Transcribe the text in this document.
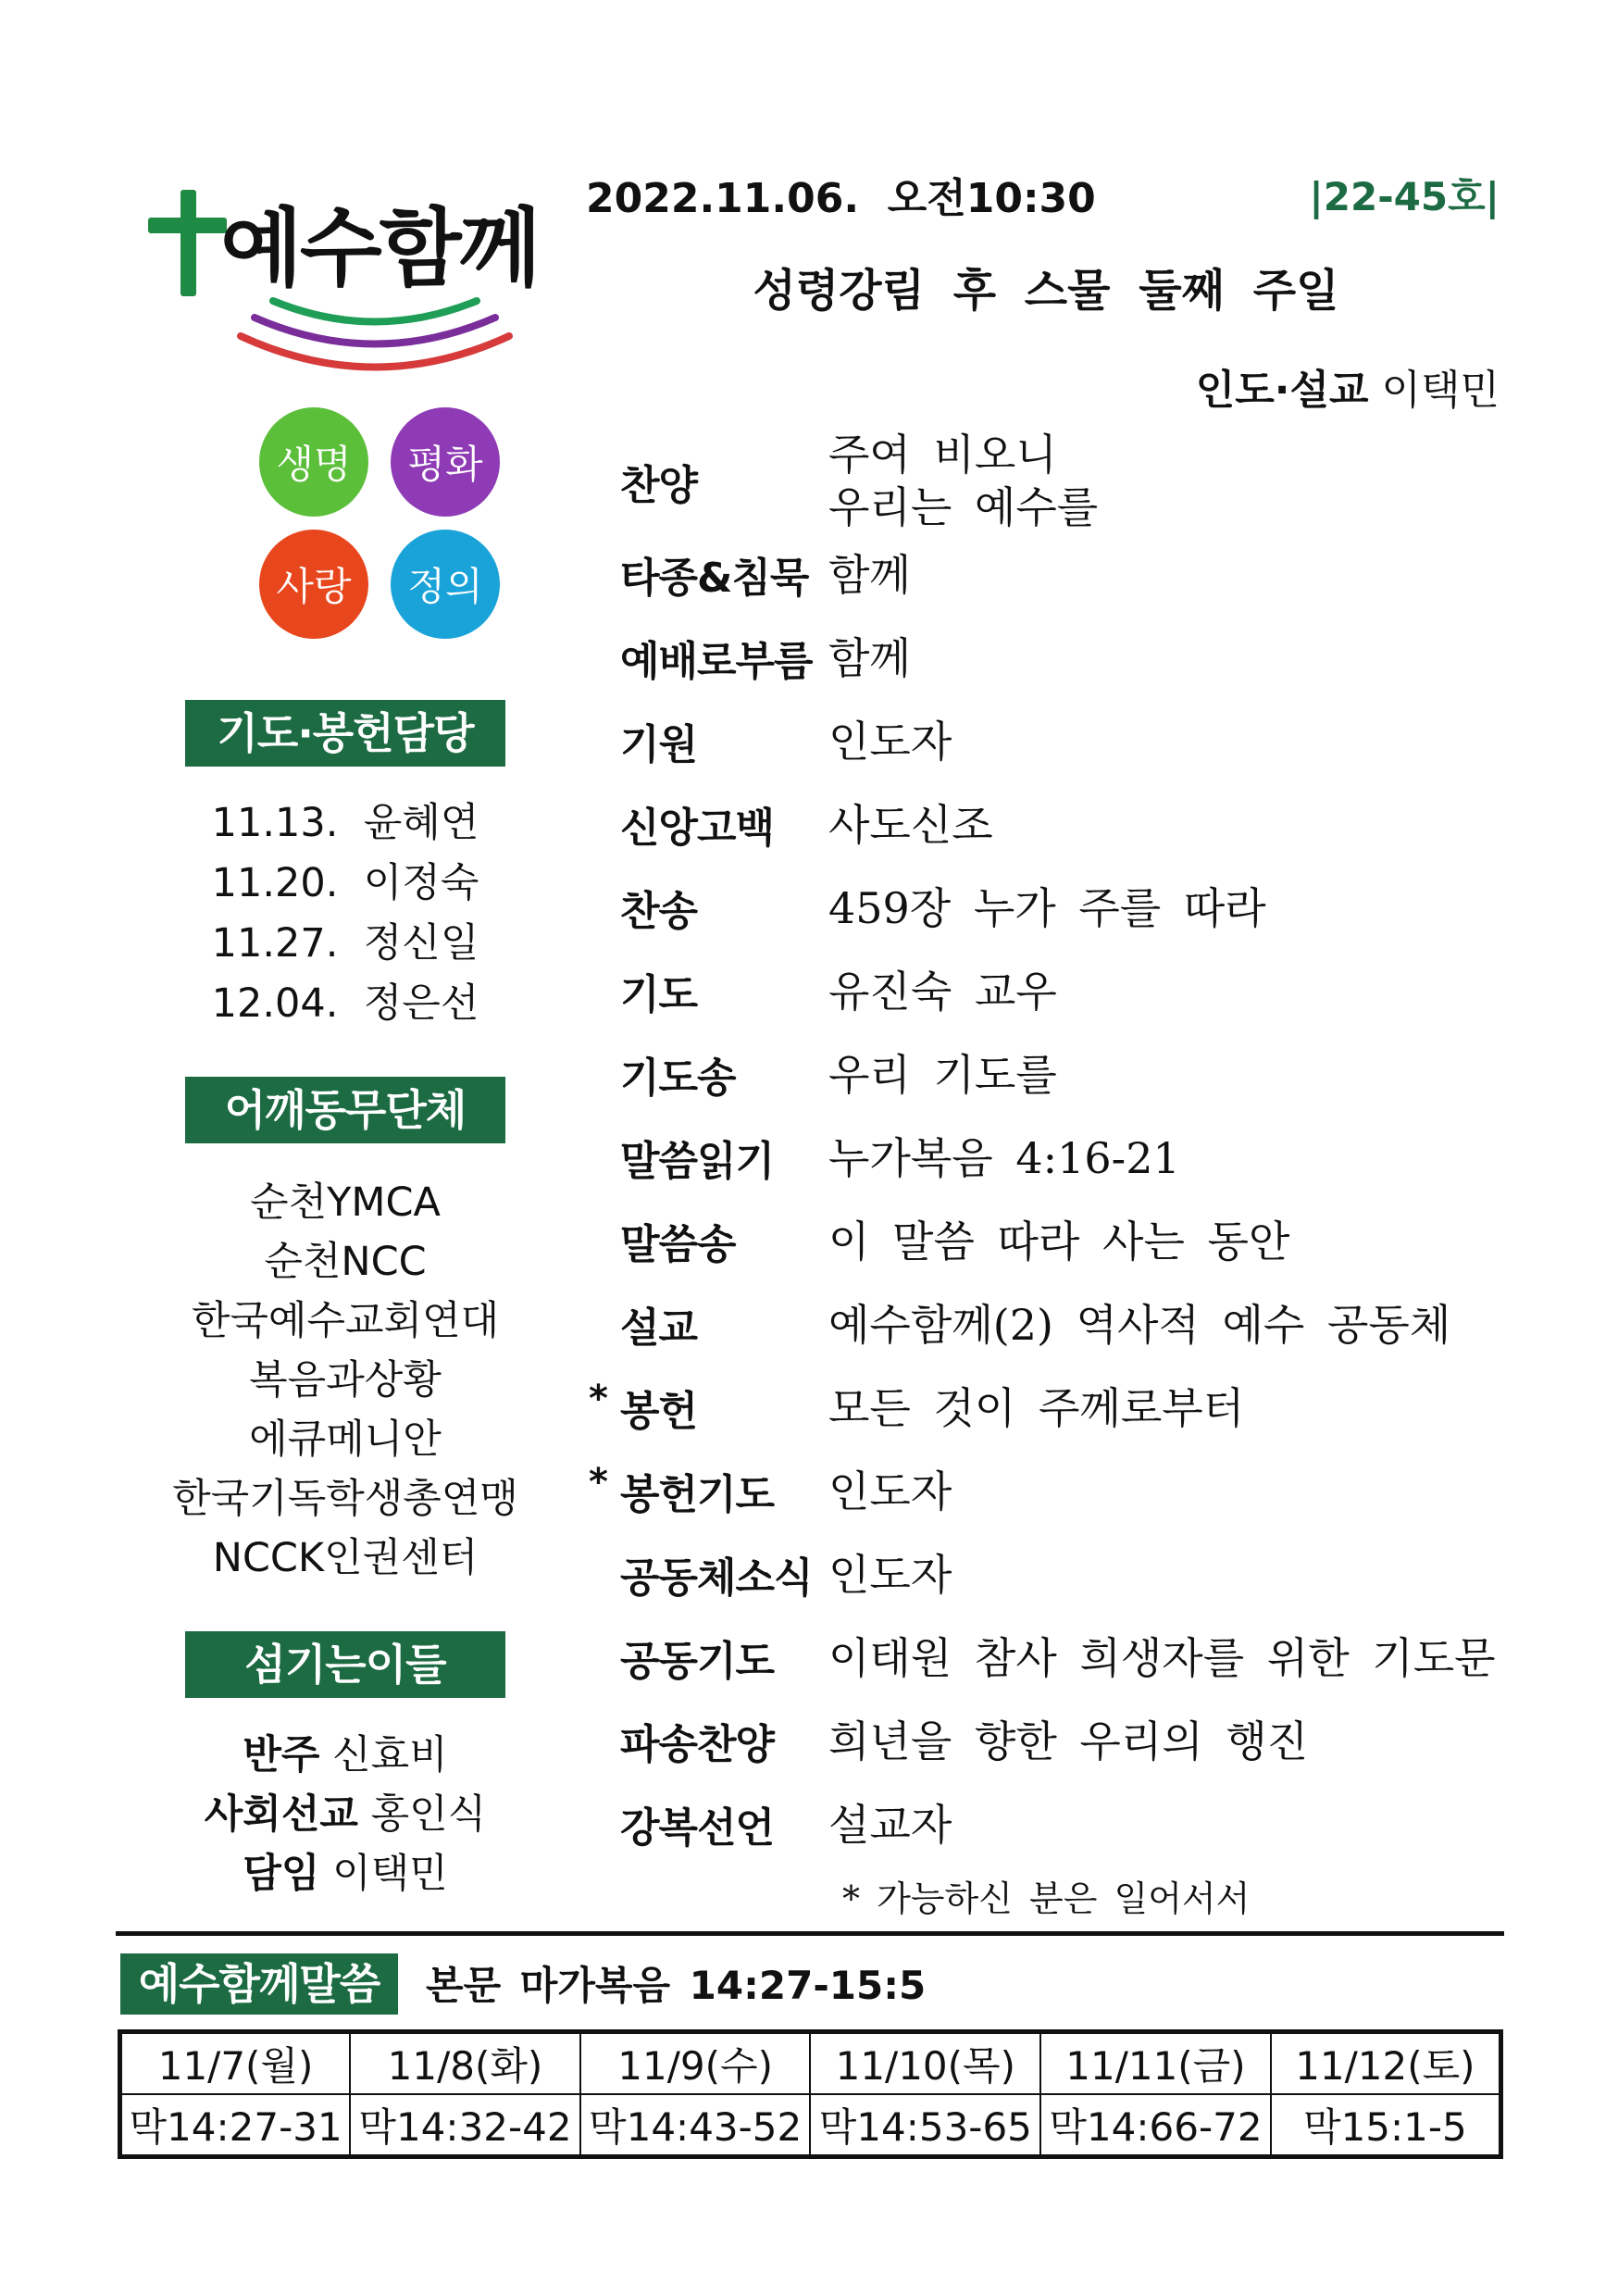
예수함께
생명 평화
사랑 정의
기도·봉헌담당
11.13. 윤혜연
11.20. 이정숙
11.27. 정신일
12.04. 정은선
어깨동무단체
순천YMCA
순천NCC
한국예수교회연대
복음과상황
에큐메니안
한국기독학생총연맹
NCCK인권센터
섬기는이들
반주 신효비
사회선교 홍인식
담임 이택민
2022.11.06. 오전10:30	|22-45호|
성령강림 후 스물 둘째 주일
인도·설교 이택민
찬양
주여 비오니
우리는 예수를
타종&침묵 함께
예배로부름 함께
기원	인도자
신앙고백 사도신조
찬송	459장 누가 주를 따라
기도	유진숙 교우
기도송 우리 기도를
말씀읽기 누가복음 4:16-21
말씀송 이 말씀 따라 사는 동안
설교	예수함께(2) 역사적 예수 공동체
* 봉헌	모든 것이 주께로부터
* 봉헌기도 인도자
공동체소식 인도자
공동기도 이태원 참사 희생자를 위한 기도문
파송찬양 희년을 향한 우리의 행진
강복선언 설교자
* 가능하신 분은 일어서서
예수함께말씀	본문 마가복음 14:27-15:5
11/7(월)	11/8(화)	11/9(수)	11/10(목)	11/11(금)	11/12(토)
막14:27-31	막14:32-42	막14:43-52	막14:53-65	막14:66-72	막15:1-5
